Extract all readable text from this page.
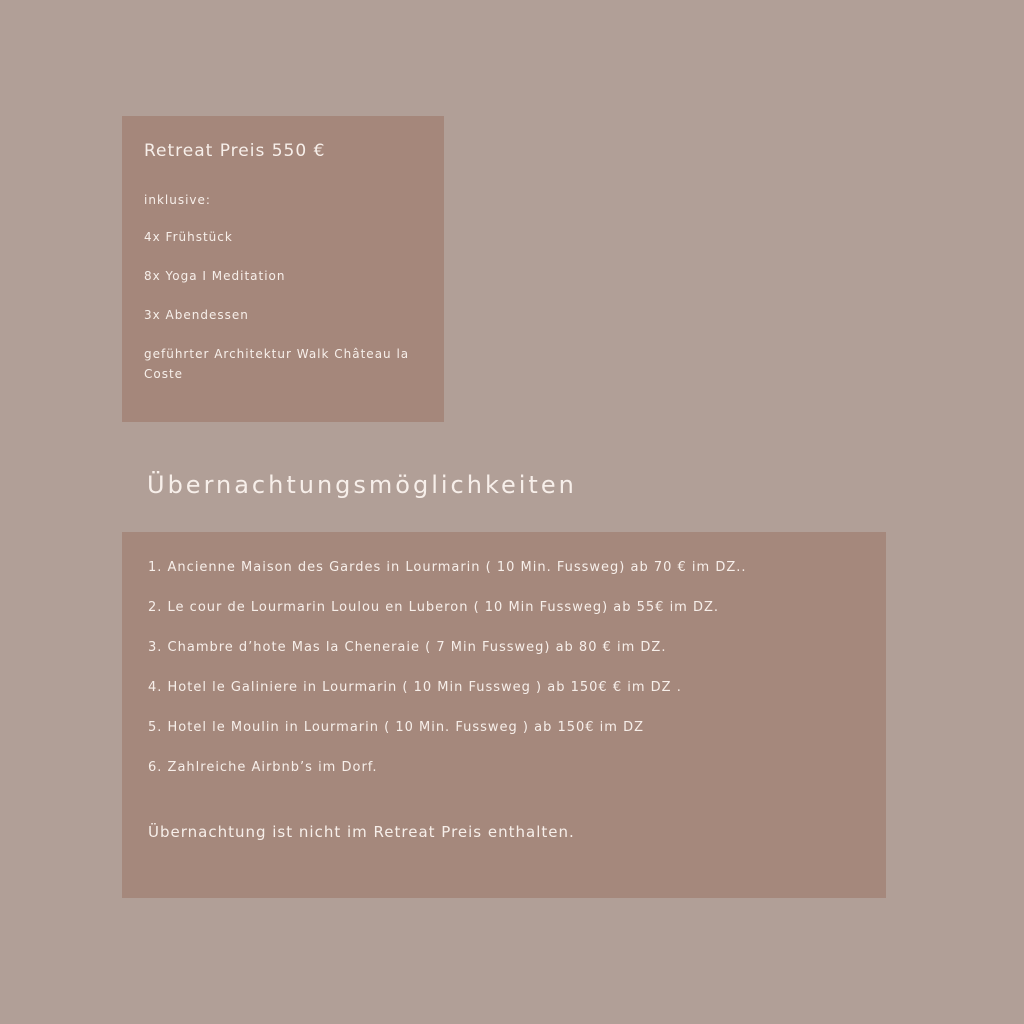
Retreat Preis 550 €

inklusive:

4x Frühstück
8x Yoga I Meditation
3x Abendessen
geführter Architektur Walk Château la Coste
Übernachtungsmöglichkeiten
1. Ancienne Maison des Gardes in Lourmarin ( 10 Min. Fussweg) ab 70 € im DZ..
2. Le cour de Lourmarin Loulou en Luberon ( 10 Min Fussweg) ab 55€ im DZ.
3. Chambre d’hote Mas la Cheneraie ( 7 Min Fussweg) ab 80 € im DZ.
4. Hotel le Galiniere in Lourmarin ( 10 Min Fussweg ) ab 150€ € im DZ .
5. Hotel le Moulin in Lourmarin ( 10 Min. Fussweg ) ab 150€ im DZ
6. Zahlreiche Airbnb’s im Dorf.

Übernachtung ist nicht im Retreat Preis enthalten.
